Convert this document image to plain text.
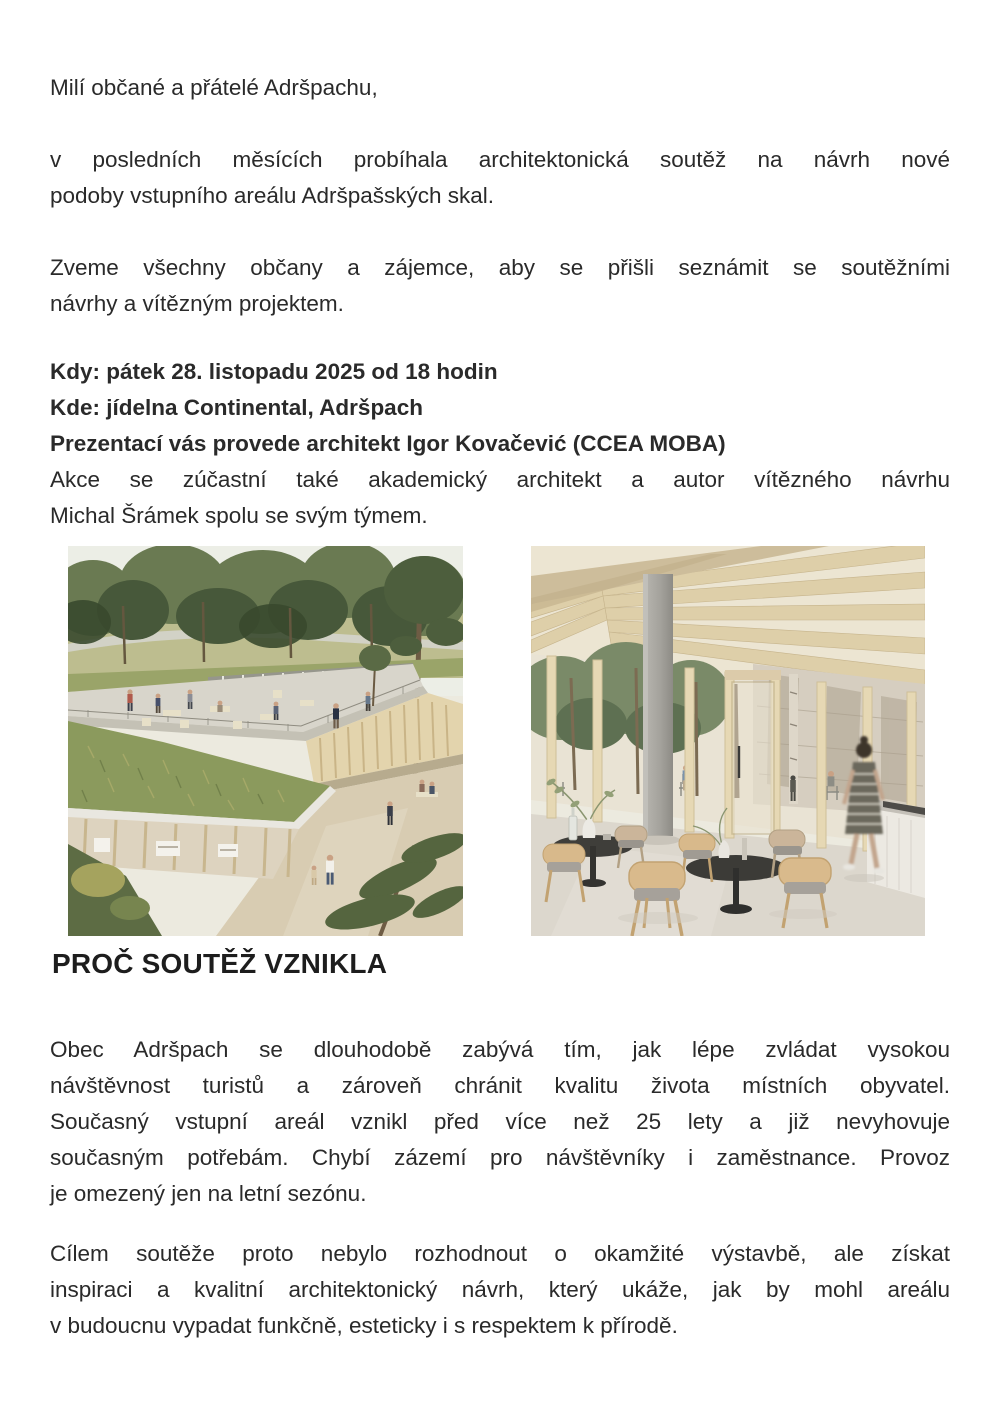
Milí občané a přátelé Adršpachu,
v posledních měsících probíhala architektonická soutěž na návrh nové
podoby vstupního areálu Adršpašských skal.
Zveme všechny občany a zájemce, aby se přišli seznámit se soutěžními
návrhy a vítězným projektem.
Kdy: pátek 28. listopadu 2025 od 18 hodin
Kde: jídelna Continental, Adršpach
Prezentací vás provede architekt Igor Kovačević (CCEA MOBA)
Akce se zúčastní také akademický architekt a autor vítězného návrhu
Michal Šrámek spolu se svým týmem.
PROČ SOUTĚŽ VZNIKLA
Obec Adršpach se dlouhodobě zabývá tím, jak lépe zvládat vysokou
návštěvnost turistů a zároveň chránit kvalitu života místních obyvatel.
Současný vstupní areál vznikl před více než 25 lety a již nevyhovuje
současným potřebám. Chybí zázemí pro návštěvníky i zaměstnance. Provoz
je omezený jen na letní sezónu.
Cílem soutěže proto nebylo rozhodnout o okamžité výstavbě, ale získat
inspiraci a kvalitní architektonický návrh, který ukáže, jak by mohl areálu
v budoucnu vypadat funkčně, esteticky i s respektem k přírodě.
